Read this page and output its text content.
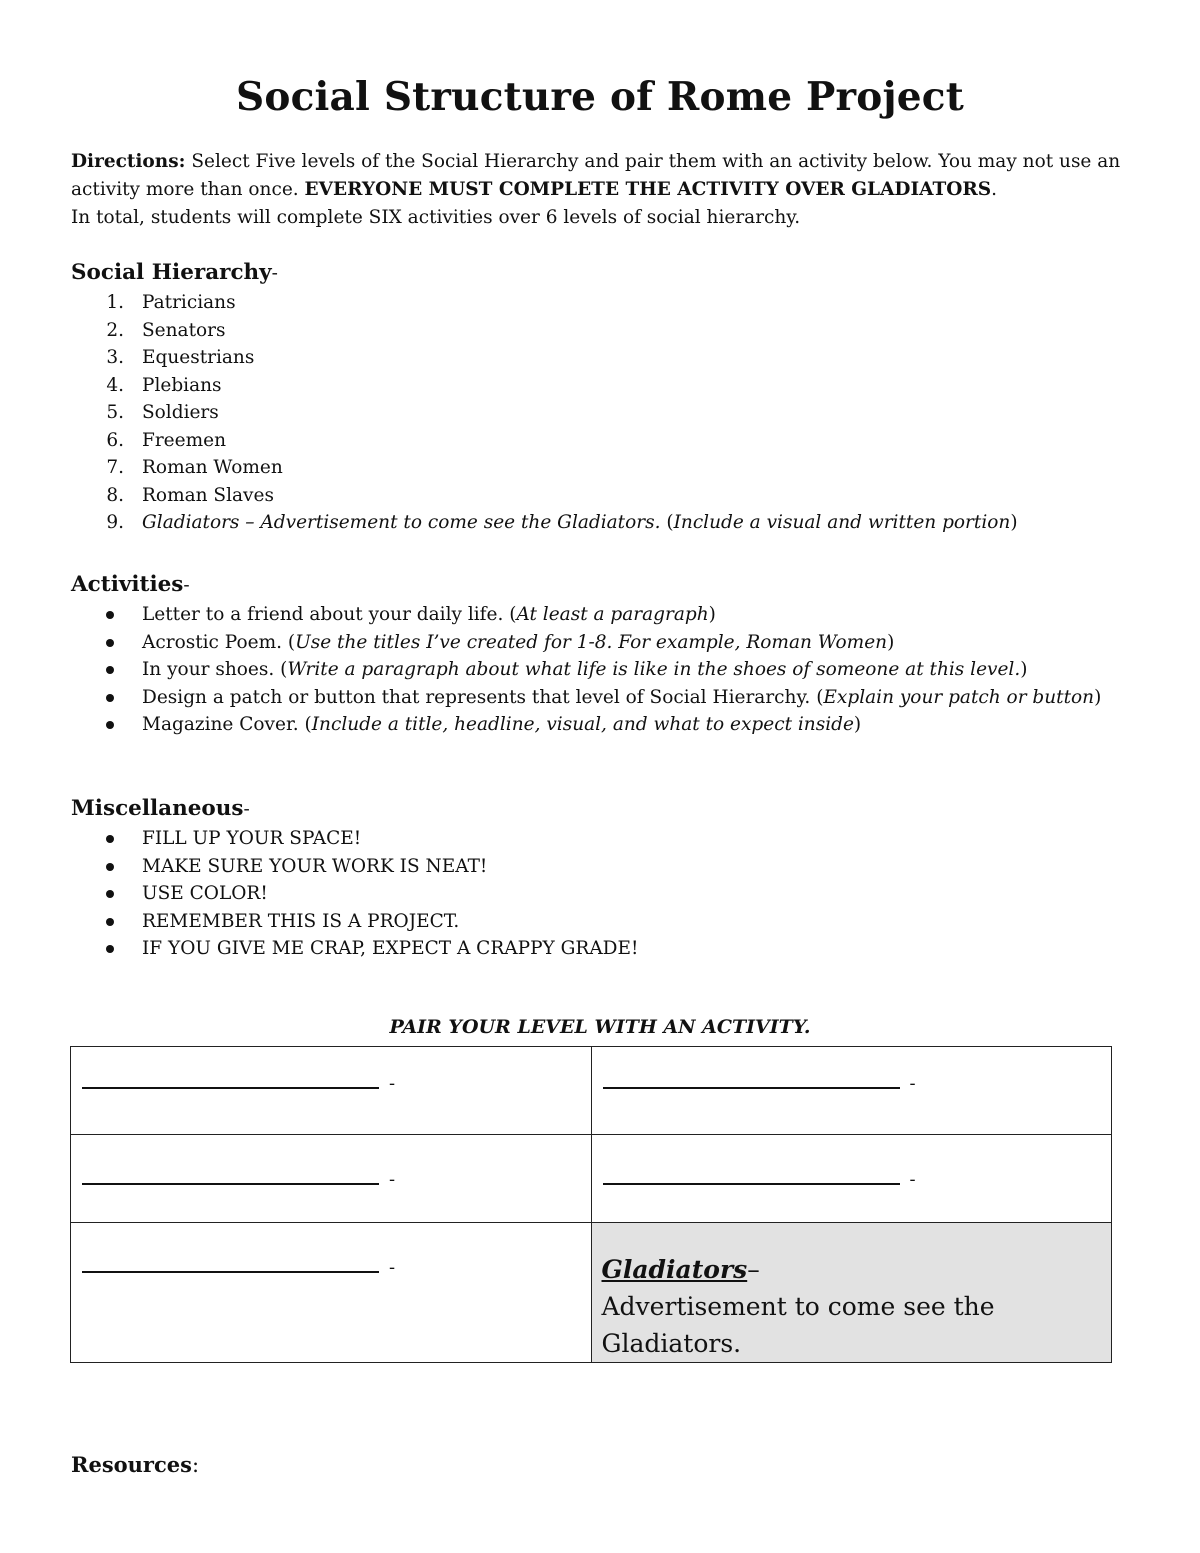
Social Structure of Rome Project

Directions: Select Five levels of the Social Hierarchy and pair them with an activity below. You may not use an activity more than once. EVERYONE MUST COMPLETE THE ACTIVITY OVER GLADIATORS.
In total, students will complete SIX activities over 6 levels of social hierarchy.

Social Hierarchy-
1. Patricians
2. Senators
3. Equestrians
4. Plebians
5. Soldiers
6. Freemen
7. Roman Women
8. Roman Slaves
9. Gladiators – Advertisement to come see the Gladiators. (Include a visual and written portion)
Activities-
Letter to a friend about your daily life. (At least a paragraph)
Acrostic Poem. (Use the titles I’ve created for 1-8. For example, Roman Women)
In your shoes. (Write a paragraph about what life is like in the shoes of someone at this level.)
Design a patch or button that represents that level of Social Hierarchy. (Explain your patch or button)
Magazine Cover. (Include a title, headline, visual, and what to expect inside)
Miscellaneous-
FILL UP YOUR SPACE!
MAKE SURE YOUR WORK IS NEAT!
USE COLOR!
REMEMBER THIS IS A PROJECT.
IF YOU GIVE ME CRAP, EXPECT A CRAPPY GRADE!
PAIR YOUR LEVEL WITH AN ACTIVITY.
-	-

-	-

-	Gladiators–
Advertisement to come see the Gladiators.
Resources:
